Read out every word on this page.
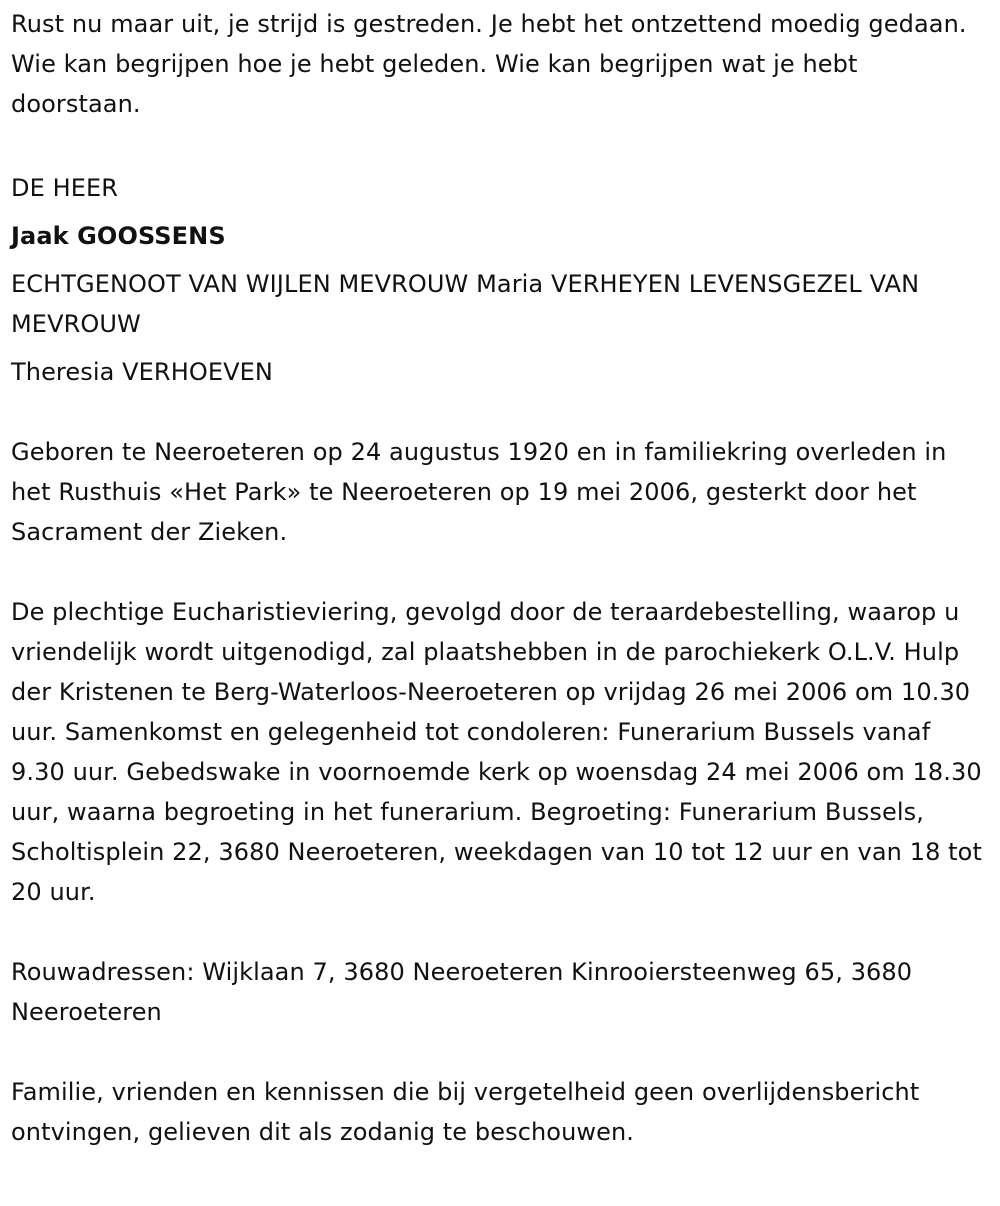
Rust nu maar uit, je strijd is gestreden. Je hebt het ontzettend moedig gedaan. Wie kan begrijpen hoe je hebt geleden. Wie kan begrijpen wat je hebt doorstaan.

DE HEER

Jaak GOOSSENS

ECHTGENOOT VAN WIJLEN MEVROUW Maria VERHEYEN LEVENSGEZEL VAN MEVROUW

Theresia VERHOEVEN

Geboren te Neeroeteren op 24 augustus 1920 en in familiekring overleden in het Rusthuis «Het Park» te Neeroeteren op 19 mei 2006, gesterkt door het Sacrament der Zieken.

De plechtige Eucharistieviering, gevolgd door de teraardebestelling, waarop u vriendelijk wordt uitgenodigd, zal plaatshebben in de parochiekerk O.L.V. Hulp der Kristenen te Berg-Waterloos-Neeroeteren op vrijdag 26 mei 2006 om 10.30 uur. Samenkomst en gelegenheid tot condoleren: Funerarium Bussels vanaf 9.30 uur. Gebedswake in voornoemde kerk op woensdag 24 mei 2006 om 18.30 uur, waarna begroeting in het funerarium. Begroeting: Funerarium Bussels, Scholtisplein 22, 3680 Neeroeteren, weekdagen van 10 tot 12 uur en van 18 tot 20 uur.

Rouwadressen: Wijklaan 7, 3680 Neeroeteren Kinrooiersteenweg 65, 3680 Neeroeteren

Familie, vrienden en kennissen die bij vergetelheid geen overlijdensbericht ontvingen, gelieven dit als zodanig te beschouwen.
